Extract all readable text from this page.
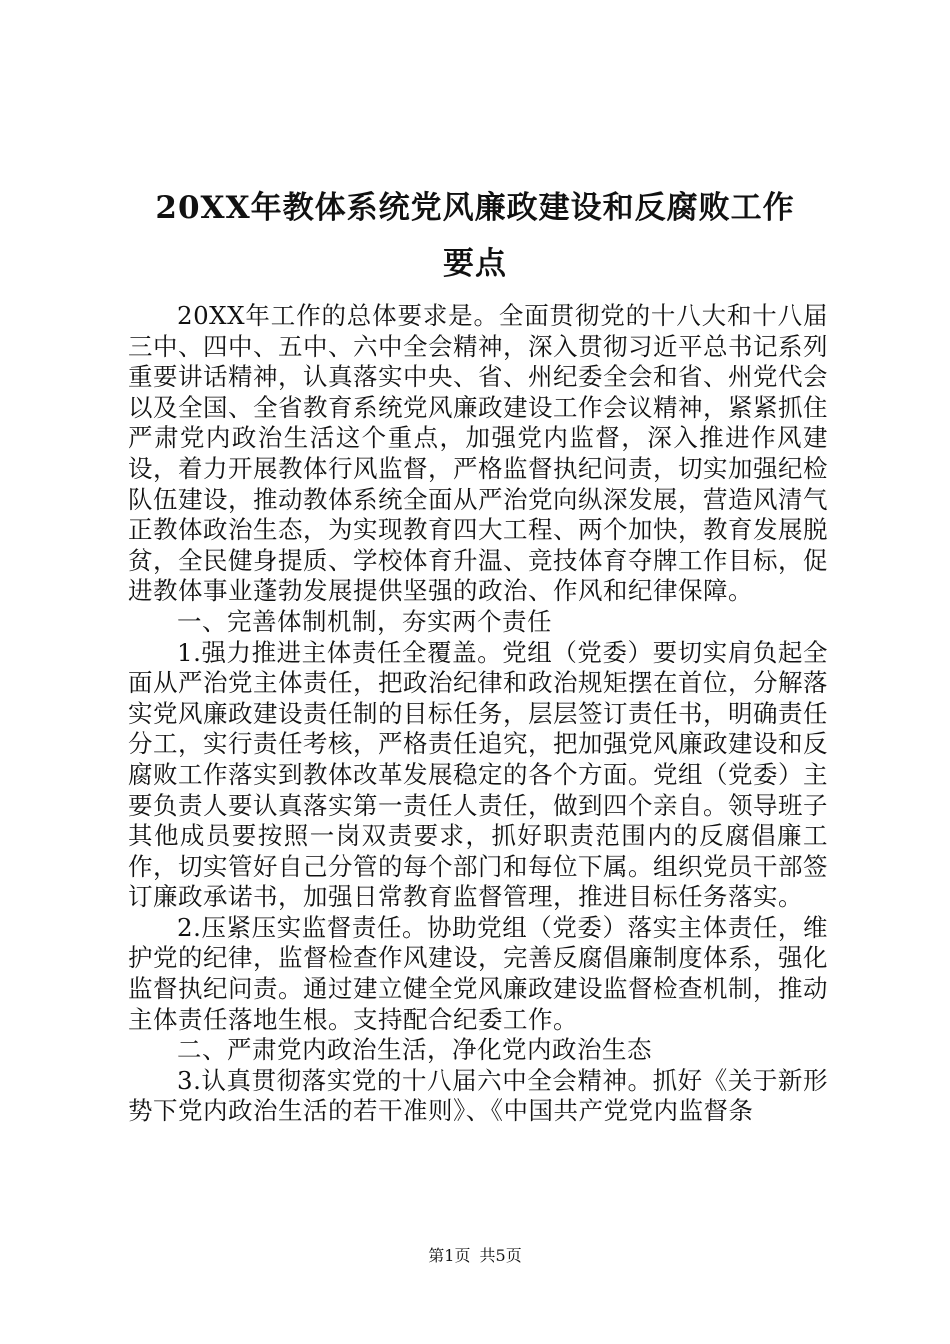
20XX年教体系统党风廉政建设和反腐败工作
要点

20XX年工作的总体要求是。全面贯彻党的十八大和十八届三中、四中、五中、六中全会精神，深入贯彻习近平总书记系列重要讲话精神，认真落实中央、省、州纪委全会和省、州党代会以及全国、全省教育系统党风廉政建设工作会议精神，紧紧抓住严肃党内政治生活这个重点，加强党内监督，深入推进作风建设，着力开展教体行风监督，严格监督执纪问责，切实加强纪检队伍建设，推动教体系统全面从严治党向纵深发展，营造风清气正教体政治生态，为实现教育四大工程、两个加快，教育发展脱贫，全民健身提质、学校体育升温、竞技体育夺牌工作目标，促进教体事业蓬勃发展提供坚强的政治、作风和纪律保障。

一、完善体制机制，夯实两个责任

1.强力推进主体责任全覆盖。党组（党委）要切实肩负起全面从严治党主体责任，把政治纪律和政治规矩摆在首位，分解落实党风廉政建设责任制的目标任务，层层签订责任书，明确责任分工，实行责任考核，严格责任追究，把加强党风廉政建设和反腐败工作落实到教体改革发展稳定的各个方面。党组（党委）主要负责人要认真落实第一责任人责任，做到四个亲自。领导班子其他成员要按照一岗双责要求，抓好职责范围内的反腐倡廉工作，切实管好自己分管的每个部门和每位下属。组织党员干部签订廉政承诺书，加强日常教育监督管理，推进目标任务落实。

2.压紧压实监督责任。协助党组（党委）落实主体责任，维护党的纪律，监督检查作风建设，完善反腐倡廉制度体系，强化监督执纪问责。通过建立健全党风廉政建设监督检查机制，推动主体责任落地生根。支持配合纪委工作。

二、严肃党内政治生活，净化党内政治生态

3.认真贯彻落实党的十八届六中全会精神。抓好《关于新形势下党内政治生活的若干准则》、《中国共产党党内监督条

第1页 共5页
